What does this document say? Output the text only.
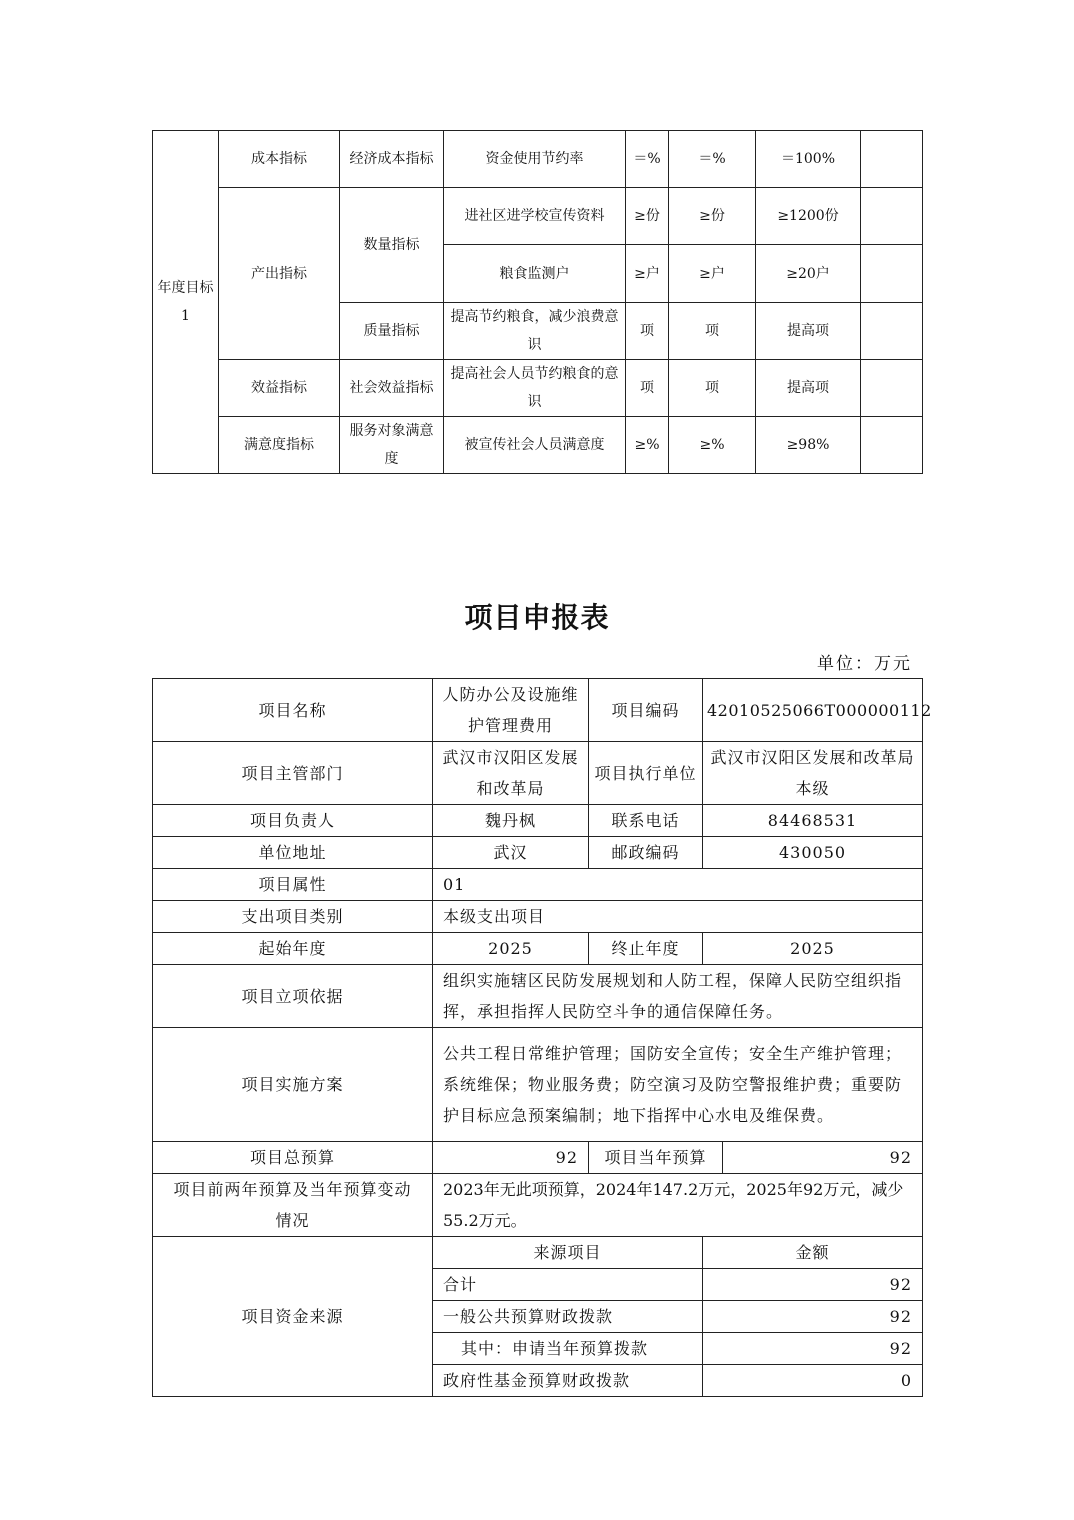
年度目标1	成本指标	经济成本指标	资金使用节约率	＝%	＝%	＝100%	
	产出指标	数量指标	进社区进学校宣传资料	≥份	≥份	≥1200份	
			粮食监测户	≥户	≥户	≥20户	
		质量指标	提高节约粮食，减少浪费意识	项	项	提高项	
	效益指标	社会效益指标	提高社会人员节约粮食的意识	项	项	提高项	
	满意度指标	服务对象满意度	被宣传社会人员满意度	≥%	≥%	≥98%	
项目申报表
单位：万元
项目名称	人防办公及设施维护管理费用	项目编码	42010525066T000000112	
项目主管部门	武汉市汉阳区发展和改革局	项目执行单位	武汉市汉阳区发展和改革局本级	
项目负责人	魏丹枫	联系电话	84468531	
单位地址	武汉	邮政编码	430050	
项目属性	01			
支出项目类别	本级支出项目			
起始年度	2025	终止年度	2025	
项目立项依据	组织实施辖区民防发展规划和人防工程，保障人民防空组织指挥，承担指挥人民防空斗争的通信保障任务。			
项目实施方案	公共工程日常维护管理；国防安全宣传；安全生产维护管理；系统维保；物业服务费；防空演习及防空警报维护费；重要防护目标应急预案编制；地下指挥中心水电及维保费。			
项目总预算	92	项目当年预算		92
项目前两年预算及当年预算变动情况	2023年无此项预算，2024年147.2万元，2025年92万元，减少55.2万元。			
项目资金来源	来源项目		金额	
	合计		92	
	一般公共预算财政拨款		92	
	其中：申请当年预算拨款		92	
	政府性基金预算财政拨款		0	
